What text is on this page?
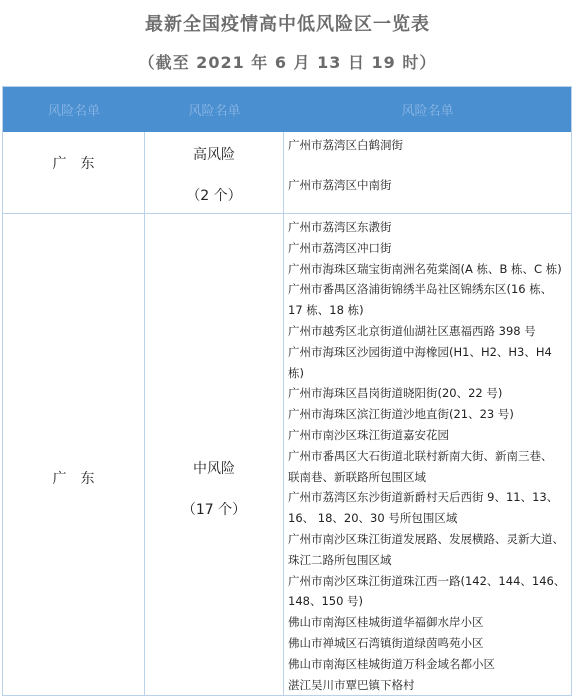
最新全国疫情高中低风险区一览表
（截至 2021 年 6 月 13 日 19 时）
风险名单	风险名单	风险名单
广　东
高风险
（2 个）
广州市荔湾区白鹤洞街
广州市荔湾区中南街
广　东
中风险
（17 个）
广州市荔湾区东漖街
广州市荔湾区冲口街
广州市海珠区瑞宝街南洲名苑棠阁(A 栋、B 栋、C 栋)
广州市番禺区洛浦街锦绣半岛社区锦绣东区(16 栋、
17 栋、18 栋)
广州市越秀区北京街道仙湖社区惠福西路 398 号
广州市海珠区沙园街道中海橡园(H1、H2、H3、H4
栋)
广州市海珠区昌岗街道晓阳街(20、22 号)
广州市海珠区滨江街道沙地直街(21、23 号)
广州市南沙区珠江街道嘉安花园
广州市番禺区大石街道北联村新南大街、新南三巷、
联南巷、新联路所包围区域
广州市荔湾区东沙街道新爵村天后西街 9、11、13、
16、 18、20、30 号所包围区域
广州市南沙区珠江街道发展路、发展横路、灵新大道、
珠江二路所包围区域
广州市南沙区珠江街道珠江西一路(142、144、146、
148、150 号)
佛山市南海区桂城街道华福御水岸小区
佛山市禅城区石湾镇街道绿茵鸣苑小区
佛山市南海区桂城街道万科金域名都小区
湛江吴川市覃巴镇下格村
